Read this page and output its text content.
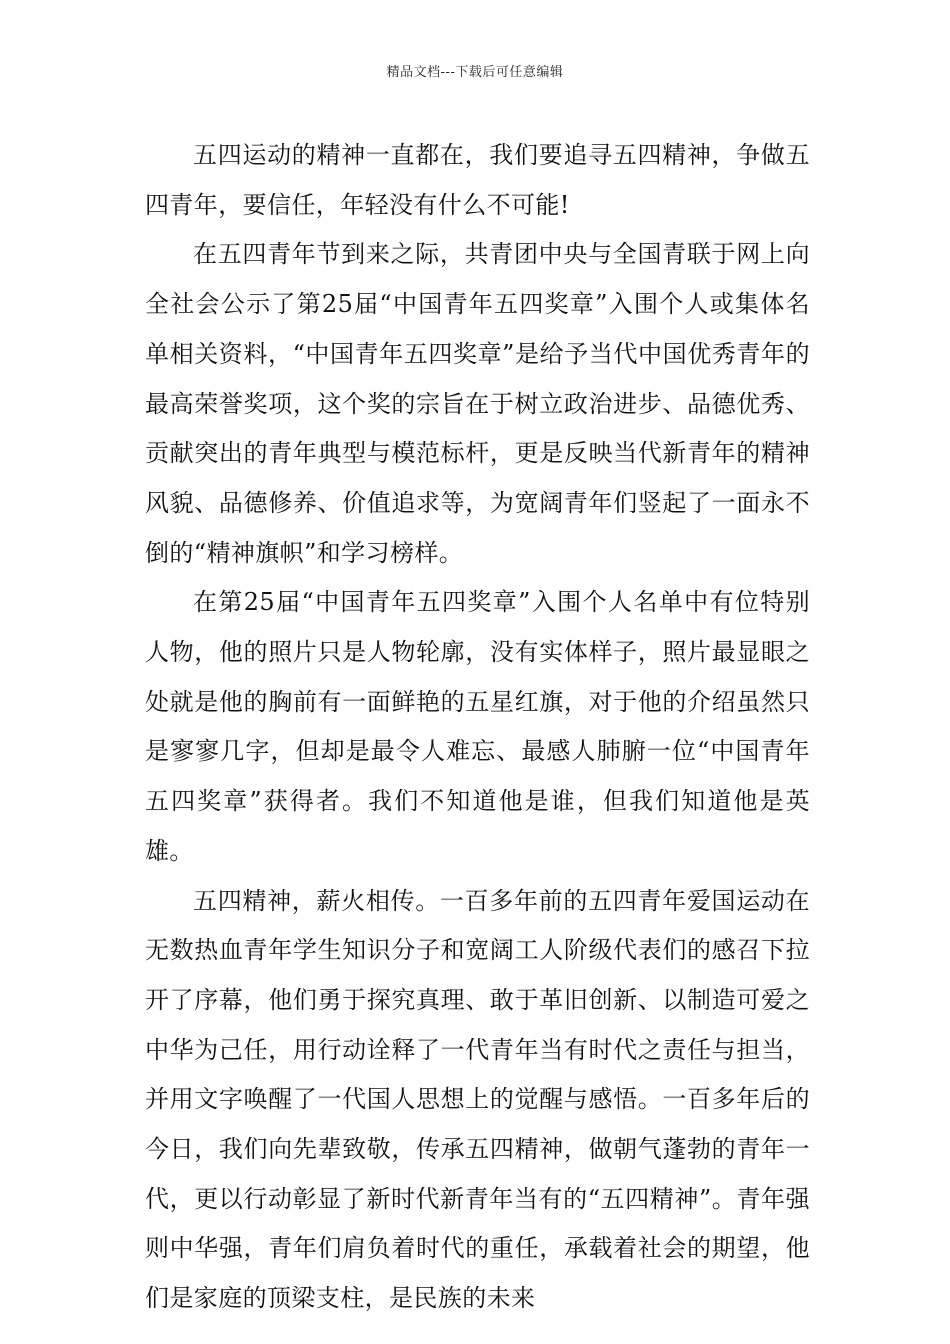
精品文档---下载后可任意编辑

五四运动的精神一直都在，我们要追寻五四精神，争做五四青年，要信任，年轻没有什么不可能!

在五四青年节到来之际，共青团中央与全国青联于网上向全社会公示了第25届“中国青年五四奖章”入围个人或集体名单相关资料，“中国青年五四奖章”是给予当代中国优秀青年的最高荣誉奖项，这个奖的宗旨在于树立政治进步、品德优秀、贡献突出的青年典型与模范标杆，更是反映当代新青年的精神风貌、品德修养、价值追求等，为宽阔青年们竖起了一面永不倒的“精神旗帜”和学习榜样。

在第25届“中国青年五四奖章”入围个人名单中有位特别人物，他的照片只是人物轮廓，没有实体样子，照片最显眼之处就是他的胸前有一面鲜艳的五星红旗，对于他的介绍虽然只是寥寥几字，但却是最令人难忘、最感人肺腑一位“中国青年五四奖章”获得者。我们不知道他是谁，但我们知道他是英雄。

五四精神，薪火相传。一百多年前的五四青年爱国运动在无数热血青年学生知识分子和宽阔工人阶级代表们的感召下拉开了序幕，他们勇于探究真理、敢于革旧创新、以制造可爱之中华为己任，用行动诠释了一代青年当有时代之责任与担当，并用文字唤醒了一代国人思想上的觉醒与感悟。一百多年后的今日，我们向先辈致敬，传承五四精神，做朝气蓬勃的青年一代，更以行动彰显了新时代新青年当有的“五四精神”。青年强则中华强，青年们肩负着时代的重任，承载着社会的期望，他们是家庭的顶梁支柱，是民族的未来
